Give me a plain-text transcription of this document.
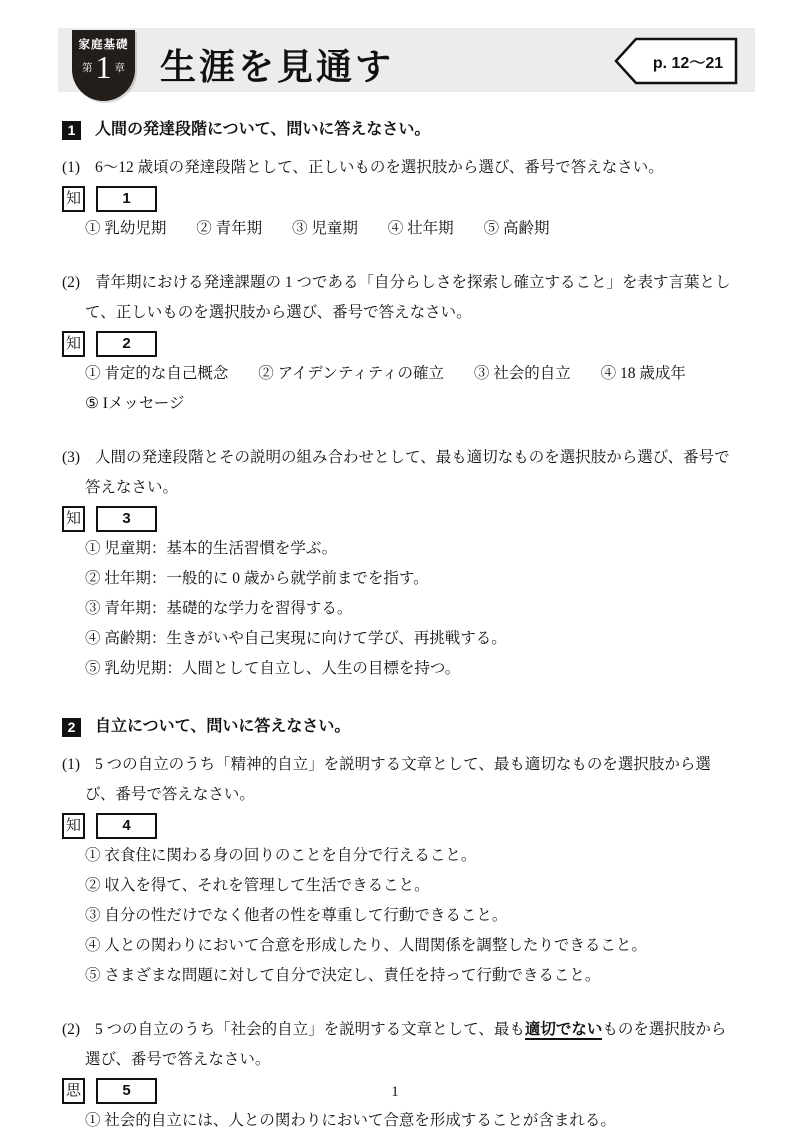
家庭基礎
第 1 章 生涯を見通す	p. 12～21
1	人間の発達段階について、問いに答えなさい。

(1) 6～12 歳頃の発達段階として、正しいものを選択肢から選び、番号で答えなさい。

知	1
① 乳幼児期 ② 青年期 ③ 児童期 ④ 壮年期 ⑤ 高齢期

(2) 青年期における発達課題の 1 つである「自分らしさを探索し確立すること」を表す言葉として、正しいものを選択肢から選び、番号で答えなさい。

知	2
① 肯定的な自己概念 ② アイデンティティの確立 ③ 社会的自立 ④ 18 歳成年 ⑤ Iメッセージ

(3) 人間の発達段階とその説明の組み合わせとして、最も適切なものを選択肢から選び、番号で答えなさい。

知	3
① 児童期：基本的生活習慣を学ぶ。
② 壮年期：一般的に 0 歳から就学前までを指す。
③ 青年期：基礎的な学力を習得する。
④ 高齢期：生きがいや自己実現に向けて学び、再挑戦する。
⑤ 乳幼児期：人間として自立し、人生の目標を持つ。
2	自立について、問いに答えなさい。

(1) 5 つの自立のうち「精神的自立」を説明する文章として、最も適切なものを選択肢から選び、番号で答えなさい。

知	4
① 衣食住に関わる身の回りのことを自分で行えること。
② 収入を得て、それを管理して生活できること。
③ 自分の性だけでなく他者の性を尊重して行動できること。
④ 人との関わりにおいて合意を形成したり、人間関係を調整したりできること。
⑤ さまざまな問題に対して自分で決定し、責任を持って行動できること。

(2) 5 つの自立のうち「社会的自立」を説明する文章として、最も適切でないものを選択肢から選び、番号で答えなさい。

思	5
① 社会的自立には、人との関わりにおいて合意を形成することが含まれる。
1
